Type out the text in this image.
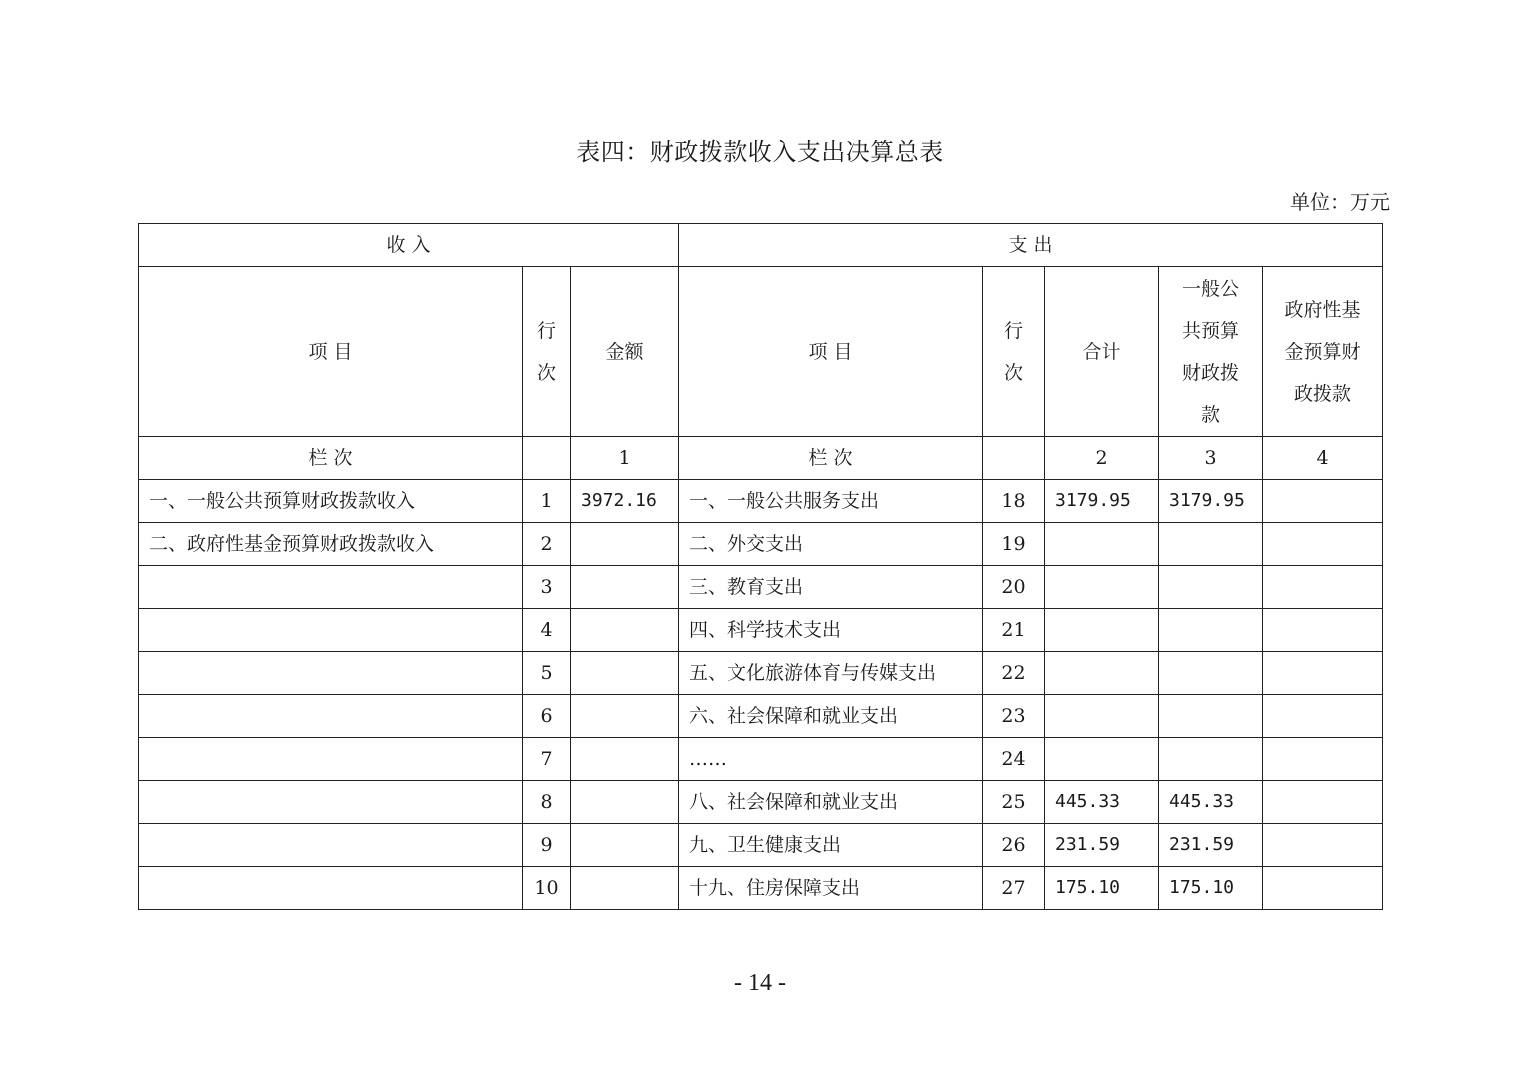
表四：财政拨款收入支出决算总表
单位：万元
收 入			支 出				
项 目	行次	金额	项 目	行次	合计	一般公共预算财政拨款	政府性基金预算财政拨款
栏 次		1	栏 次		2	3	4
一、一般公共预算财政拨款收入	1	3972.16	一、一般公共服务支出	18	3179.95	3179.95	
二、政府性基金预算财政拨款收入	2		二、外交支出	19			
	3		三、教育支出	20			
	4		四、科学技术支出	21			
	5		五、文化旅游体育与传媒支出	22			
	6		六、社会保障和就业支出	23			
	7		……	24			
	8		八、社会保障和就业支出	25	445.33	445.33	
	9		九、卫生健康支出	26	231.59	231.59	
	10		十九、住房保障支出	27	175.10	175.10	
- 14 -
